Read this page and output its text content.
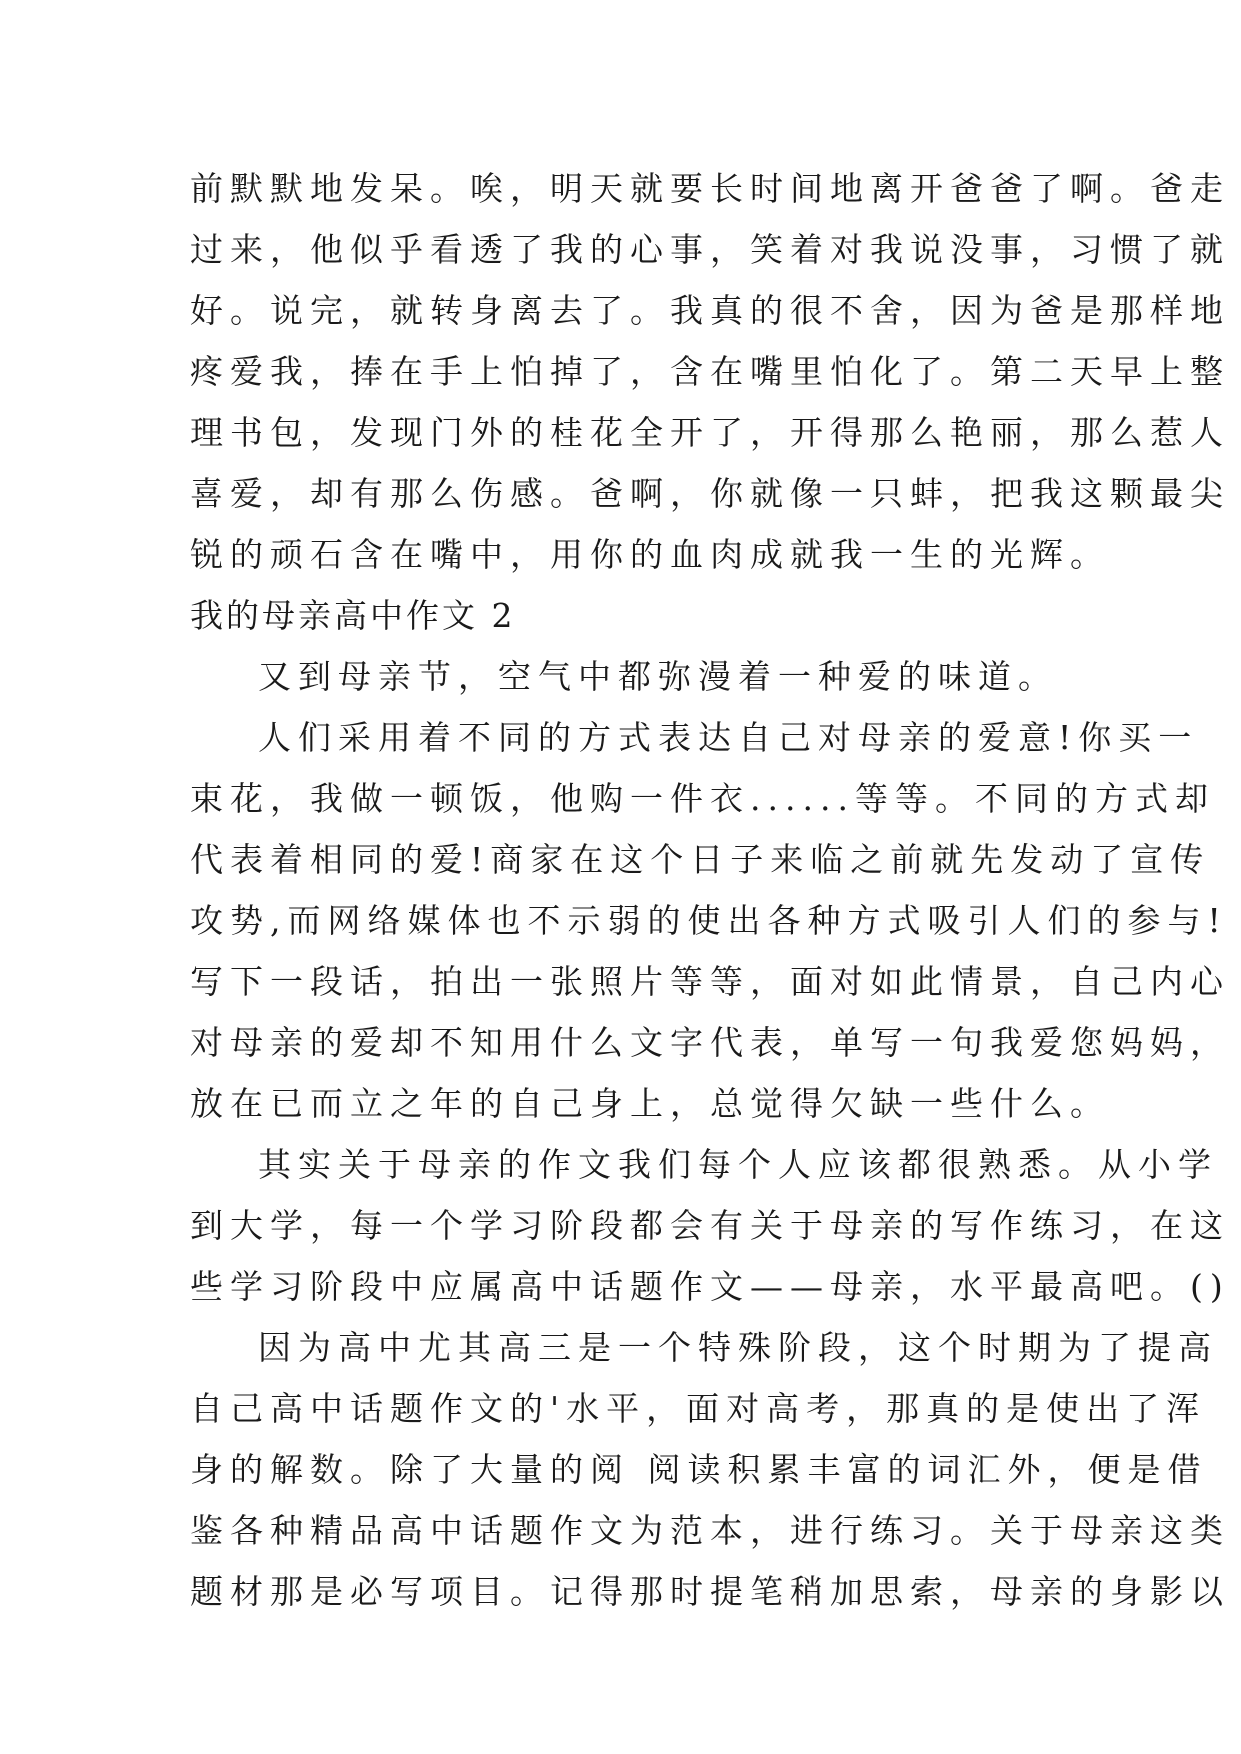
前默默地发呆。唉，明天就要长时间地离开爸爸了啊。爸走
过来，他似乎看透了我的心事，笑着对我说没事，习惯了就
好。说完，就转身离去了。我真的很不舍，因为爸是那样地
疼爱我，捧在手上怕掉了，含在嘴里怕化了。第二天早上整
理书包，发现门外的桂花全开了，开得那么艳丽，那么惹人
喜爱，却有那么伤感。爸啊，你就像一只蚌，把我这颗最尖
锐的顽石含在嘴中，用你的血肉成就我一生的光辉。
我的母亲高中作文 2
又到母亲节，空气中都弥漫着一种爱的味道。
人们采用着不同的方式表达自己对母亲的爱意!你买一
束花，我做一顿饭，他购一件衣......等等。不同的方式却
代表着相同的爱!商家在这个日子来临之前就先发动了宣传
攻势,而网络媒体也不示弱的使出各种方式吸引人们的参与!
写下一段话，拍出一张照片等等，面对如此情景，自己内心
对母亲的爱却不知用什么文字代表，单写一句我爱您妈妈，
放在已而立之年的自己身上，总觉得欠缺一些什么。
其实关于母亲的作文我们每个人应该都很熟悉。从小学
到大学，每一个学习阶段都会有关于母亲的写作练习，在这
些学习阶段中应属高中话题作文——母亲，水平最高吧。()
因为高中尤其高三是一个特殊阶段，这个时期为了提高
自己高中话题作文的'水平，面对高考，那真的是使出了浑
身的解数。除了大量的阅 阅读积累丰富的词汇外，便是借
鉴各种精品高中话题作文为范本，进行练习。关于母亲这类
题材那是必写项目。记得那时提笔稍加思索，母亲的身影以
